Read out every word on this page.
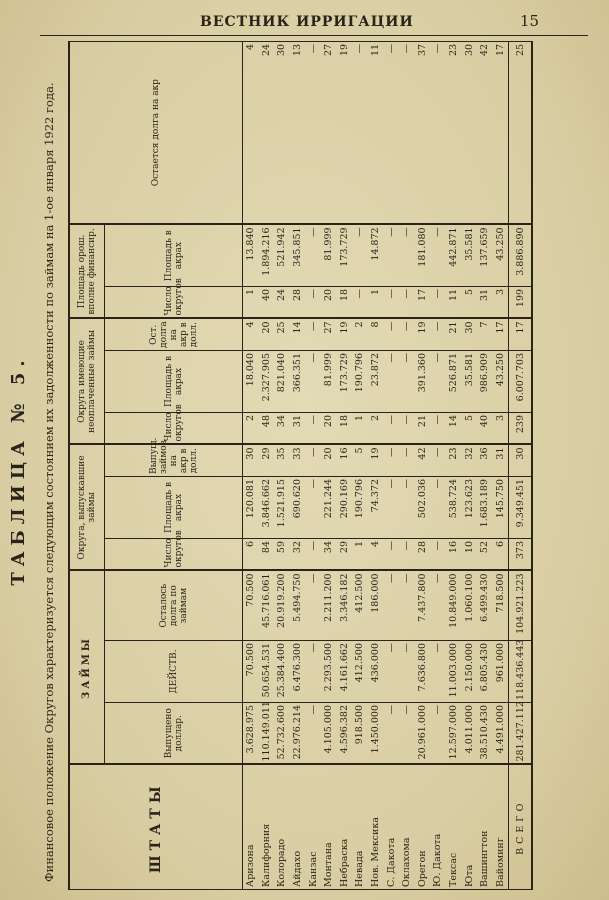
ВЕСТНИК ИРРИГАЦИИ	15
ТАБЛИЦА № 5. Финансовое положение Округов характеризуется следующим состоянием их задолженности по займам на 1-ое января 1922 года.	ШТАТЫ	ЗАЙМЫ			Округа, выпускавшие займы			Округа имеющие неоплаченные займы			Площадь орош. вполне финансир.		Остается долга на акр
	Выпущено доллар.	ДЕЙСТВ.	Осталось долга по займам	Число округов	Площадь в акрах	Выпущ. займов на акр в долл.	Число округов	Площадь в акрах	Ост. долга на акр в долл.	Число округов	Площадь в акрах	
Аризона	3.628.975	70.500	70.500	6	120.081	30	2	18.040	4	1	13.840	4
Калифорния	110.149.011	50.654.531	45.716.061	84	3.846.662	29	48	2.327.905	20	40	1.894.216	24
Колорадо	52.732.600	25.384.400	20.919.200	59	1.521.915	35	34	821.040	25	24	521.942	30
Айдахо	22.976.214	6.476.300	5.494.750	32	690.620	33	31	366.351	14	28	345.851	13
Канзас	—	—	—	—	—	—	—	—	—	—	—	—
Монтана	4.105.000	2.293.500	2.211.200	34	221.244	20	20	81.999	27	20	81.999	27
Небраска	4.596.382	4.161.662	3.346.182	29	290.169	16	18	173.729	19	18	173.729	19
Невада	918.500	412.500	412.500	1	190.796	5	1	190.796	2	—	—	—
Нов. Мексика	1.450.000	436.000	186.000	4	74.372	19	2	23.872	8	1	14.872	11
С. Дакота	—	—	—	—	—	—	—	—	—	—	—	—
Оклахома	—	—	—	—	—	—	—	—	—	—	—	—
Орегон	20.961.000	7.636.800	7.437.800	28	502.036	42	21	391.360	19	17	181.080	37
Ю. Дакота	—	—	—	—	—	—	—	—	—	—	—	—
Тексас	12.597.000	11.003.000	10.849.000	16	538.724	23	14	526.871	21	11	442.871	23
Юта	4.011.000	2.150.000	1.060.100	10	123.623	32	5	35.581	30	5	35.581	30
Вашингтон	38.510.430	6.805.430	6.499.430	52	1.683.189	36	40	986.909	7	31	137.659	42
Вайоминг	4.491.000	961.000	718.500	6	145.750	31	3	43.250	17	3	43.250	17
ВСЕГО	281.427.112	118.436.443	104.921.223	373	9.349.451	30	239	6.007.703	17	199	3.886.890	25
